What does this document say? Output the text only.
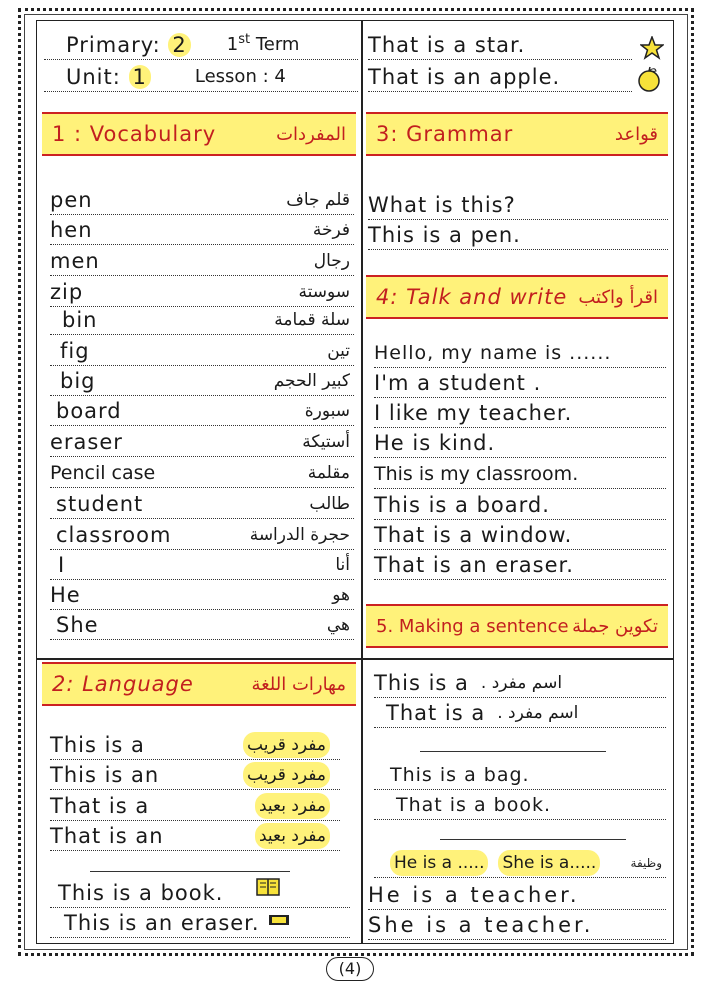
Primary: 2 1st Term
Unit: 1	Lesson : 4
That is a star.
That is an apple.
1 : Vocabulary	المفردات 3: Grammar	قواعد
pen	قلم جاف
hen	فرخة
men	رجال
zip	سوستة
bin	سلة قمامة
fig	تين
big	كبير الحجم
board	سبورة
eraser	أستيكة
Pencil case	مقلمة
student	طالب
classroom	حجرة الدراسة
I	أنا
He	هو
She	هي
What is this?
This is a pen.
4: Talk and write اقرأ واكتب
Hello, my name is ......
I'm a student .
I like my teacher.
He is kind.
This is my classroom.
This is a board.
That is a window.
That is an eraser.
5. Making a sentence تكوين جملة
2: Language	مهارات اللغة
This is a	مفرد قريب
This is an	مفرد قريب
That is a	مفرد بعيد
That is an	مفرد بعيد
This is a book.
This is an eraser.
This is a اسم مفرد .
That is a اسم مفرد .
This is a bag.
That is a book.
He is a ..... She is a.....	وظيفة
He is a teacher.
She is a teacher.
(4)
